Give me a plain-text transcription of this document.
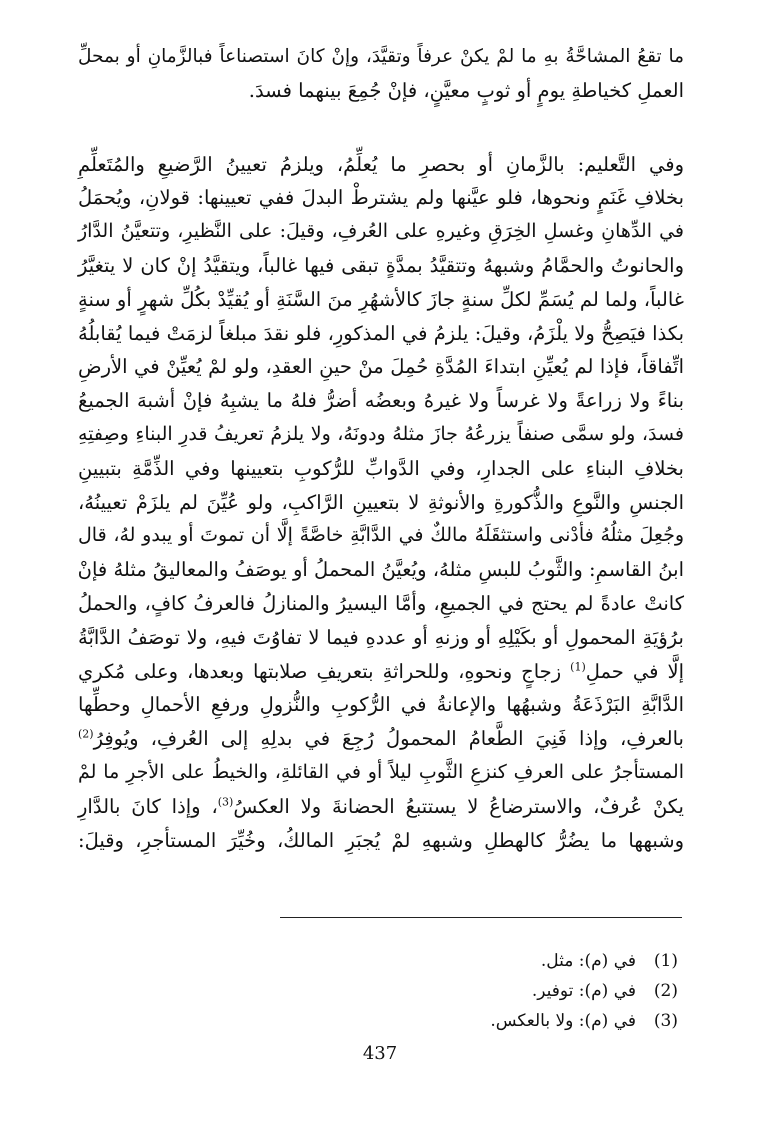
ما تقعُ المشاحَّةُ بهِ ما لمْ يكنْ عرفاً وتقيَّدَ، وإنْ كانَ استصناعاً فبالزَّمانِ أو بمحلِّ

العملِ كخياطةِ يومٍ أو ثوبٍ معيَّنٍ، فإنْ جُمِعَ بينهما فسدَ.

وفي التَّعليم: بالزَّمانِ أو بحصرِ ما يُعلِّمُ، ويلزمُ تعيينُ الرَّضيعِ والمُتَعلِّمِ

بخلافِ غَنَمٍ ونحوها، فلو عيَّنها ولم يشترطْ البدلَ ففي تعيينها: قولانِ، ويُحمَلُ

في الدِّهانِ وغسلِ الخِرَقِ وغيرهِ على العُرفِ، وقيلَ: على النَّظيرِ، وتتعيَّنُ الدَّارُ

والحانوتُ والحمَّامُ وشبههُ وتتقيَّدُ بمدَّةٍ تبقى فيها غالباً، ويتقيَّدُ إنْ كان لا يتغيَّرُ

غالباً، ولما لم يُسَمِّ لكلِّ سنةٍ جازَ كالأشهُرِ منَ السَّنَةِ أو يُقيِّدْ بكُلِّ شهرٍ أو سنةٍ

بكذا فيَصِحُّ ولا يلْزَمُ، وقيلَ: يلزمُ في المذكورِ، فلو نقدَ مبلغاً لزمَتْ فيما يُقابلُهُ

اتِّفاقاً، فإذا لم يُعيِّنِ ابتداءَ المُدَّةِ حُمِلَ منْ حينِ العقدِ، ولو لمْ يُعيِّنْ في الأرضِ

بناءً ولا زراعةً ولا غرساً ولا غيرهُ وبعضُه أضرُّ فلهُ ما يشبِهُ فإنْ أشبهَ الجميعُ

فسدَ، ولو سمَّى صنفاً يزرعُهُ جازَ مثلهُ ودونَهُ، ولا يلزمُ تعريفُ قدرِ البناءِ وصِفتِهِ

بخلافِ البناءِ على الجدارِ، وفي الدَّوابِّ للرُّكوبِ بتعيينها وفي الذِّمَّةِ بتبيينِ

الجنسِ والنَّوعِ والذُّكورةِ والأنوثةِ لا بتعيينِ الرَّاكبِ، ولو عُيِّنَ لم يلزَمْ تعيينُهُ،

وجُعِلَ مثلُهُ فأدْنى واستثقَلَهُ مالكٌ في الدَّابَّةِ خاصَّةً إلَّا أن تموتَ أو يبدو لهُ، قال

ابنُ القاسمِ: والثَّوبُ للبسِ مثلهُ، ويُعيَّنُ المحملُ أو يوصَفُ والمعاليقُ مثلهُ فإنْ

كانتْ عادةً لم يحتج في الجميعِ، وأمَّا اليسيرُ والمنازلُ فالعرفُ كافٍ، والحملُ

برُؤيَةِ المحمولِ أو بكَيْلِهِ أو وزنهِ أو عددهِ فيما لا تفاوُتَ فيهِ، ولا توصَفُ الدَّابَّةُ

إلَّا في حملِ$^{(1)}$ زجاجٍ ونحوهِ، وللحراثةِ بتعريفِ صلابتها وبعدها، وعلى مُكري

الدَّابَّةِ البَرْذَعَةُ وشبهُها والإعانةُ في الرُّكوبِ والنُّزولِ ورفعِ الأحمالِ وحطِّها

بالعرفِ، وإذا فَنِيَ الطَّعامُ المحمولُ رُجِعَ في بدلِهِ إلى العُرفِ، ويُوفِرُ$^{(2)}$

المستأجرُ على العرفِ كنزعِ الثَّوبِ ليلاً أو في القائلةِ، والخيطُ على الأجرِ ما لمْ

يكنْ عُرفٌ، والاسترضاعُ لا يستتبعُ الحضانةَ ولا العكسُ$^{(3)}$، وإذا كانَ بالدَّارِ

وشبهها ما يضُرُّ كالهطلِ وشبههِ لمْ يُجبَرِ المالكُ، وخُيِّرَ المستأجرِ، وقيلَ:

(1)
في (م): مثل.
(2)
في (م): توفير.
(3)
في (م): ولا بالعكس.
437
